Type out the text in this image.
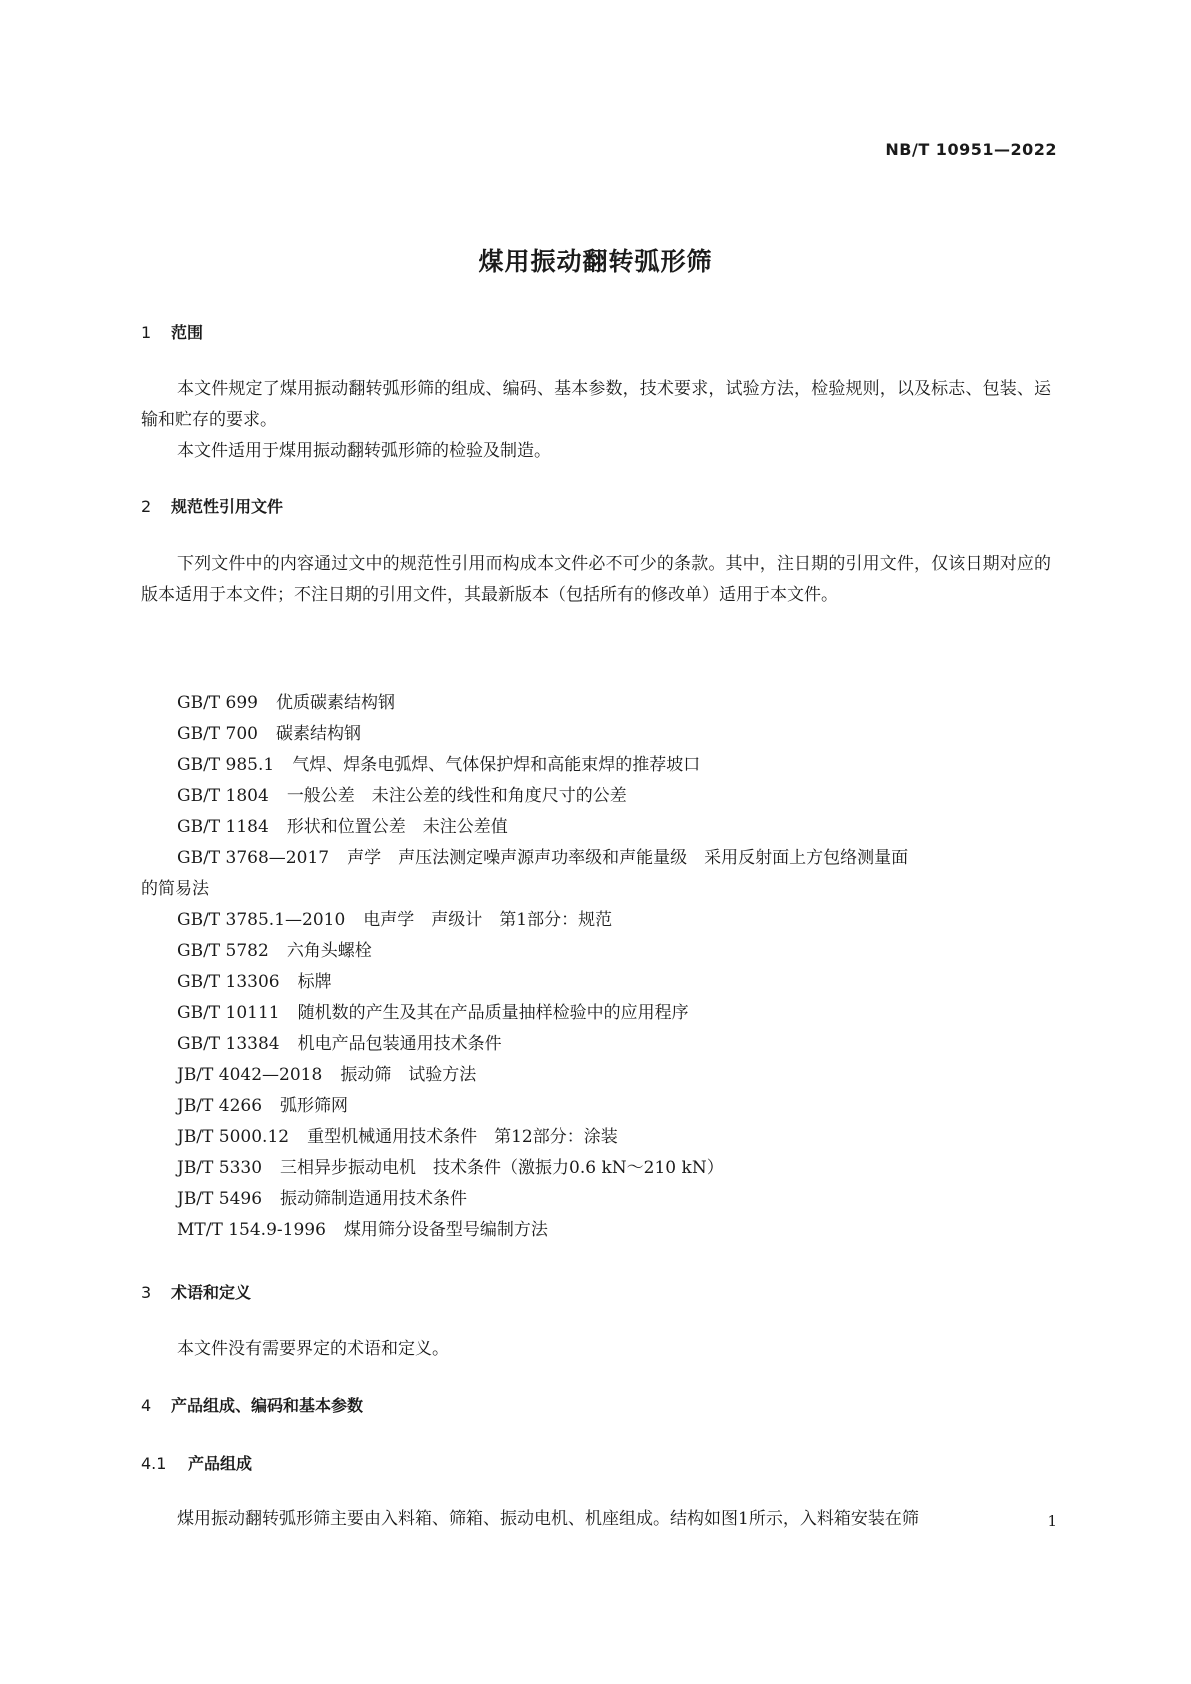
NB/T 10951—2022
煤用振动翻转弧形筛
1 范围
本文件规定了煤用振动翻转弧形筛的组成、编码、基本参数，技术要求，试验方法，检验规则，以及标志、包装、运输和贮存的要求。
本文件适用于煤用振动翻转弧形筛的检验及制造。
2 规范性引用文件
下列文件中的内容通过文中的规范性引用而构成本文件必不可少的条款。其中，注日期的引用文件，仅该日期对应的版本适用于本文件；不注日期的引用文件，其最新版本（包括所有的修改单）适用于本文件。
GB/T 699 优质碳素结构钢
GB/T 700 碳素结构钢
GB/T 985.1 气焊、焊条电弧焊、气体保护焊和高能束焊的推荐坡口
GB/T 1804 一般公差　未注公差的线性和角度尺寸的公差
GB/T 1184 形状和位置公差　未注公差值
GB/T 3768—2017 声学　声压法测定噪声源声功率级和声能量级　采用反射面上方包络测量面
的简易法
GB/T 3785.1—2010 电声学　声级计　第1部分：规范
GB/T 5782 六角头螺栓
GB/T 13306 标牌
GB/T 10111 随机数的产生及其在产品质量抽样检验中的应用程序
GB/T 13384 机电产品包装通用技术条件
JB/T 4042—2018 振动筛　试验方法
JB/T 4266 弧形筛网
JB/T 5000.12 重型机械通用技术条件　第12部分：涂装
JB/T 5330 三相异步振动电机　技术条件（激振力0.6 kN～210 kN）
JB/T 5496 振动筛制造通用技术条件
MT/T 154.9-1996 煤用筛分设备型号编制方法
3 术语和定义
本文件没有需要界定的术语和定义。
4 产品组成、编码和基本参数
4.1 产品组成
煤用振动翻转弧形筛主要由入料箱、筛箱、振动电机、机座组成。结构如图1所示，入料箱安装在筛	1
